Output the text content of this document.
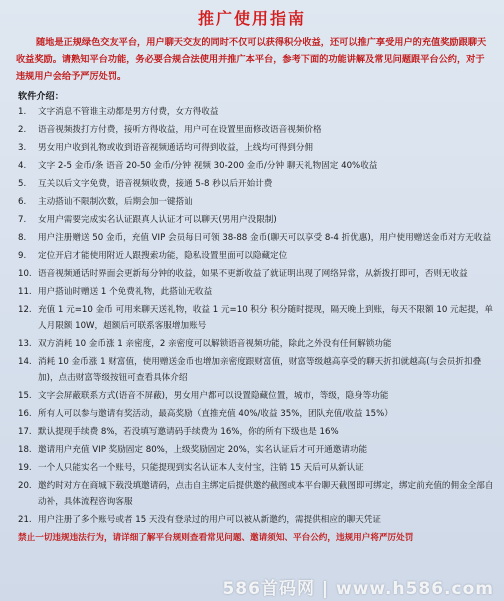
推广使用指南
随地是正规绿色交友平台，用户聊天交友的同时不仅可以获得积分收益，还可以推广享受用户的充值奖励跟聊天收益奖励。请熟知平台功能，务必要合规合法使用并推广本平台，参考下面的功能讲解及常见问题跟平台公约，对于违规用户会给予严厉处罚。
软件介绍：
1.	文字消息不管谁主动都是男方付费，女方得收益
2.	语音视频拨打方付费，接听方得收益，用户可在设置里面修改语音视频价格
3.	男女用户收到礼物或收到语音视频通话均可得到收益，上线均可得到分佣
4.	文字 2-5 金币/条 语音 20-50 金币/分钟 视频 30-200 金币/分钟 聊天礼物固定 40%收益
5.	互关以后文字免费，语音视频收费，接通 5-8 秒以后开始计费
6.	主动搭讪不限制次数，后期会加一键搭讪
7.	女用户需要完成实名认证跟真人认证才可以聊天(男用户没限制)
8.	用户注册赠送 50 金币，充值 VIP 会员每日可领 38-88 金币(聊天可以享受 8-4 折优惠)，用户使用赠送金币对方无收益
9.	定位开启才能使用附近人跟搜索功能，隐私设置里面可以隐藏定位
10. 语音视频通话时界面会更新每分钟的收益，如果不更新收益了就证明出现了网络异常，从新拨打即可，否则无收益
11. 用户搭讪时赠送 1 个免费礼物，此搭讪无收益
12. 充值 1 元=10 金币 可用来聊天送礼物，收益 1 元=10 积分 积分随时提现，隔天晚上到账，每天不限额 10 元起提，单人月限额 10W，超额后可联系客服增加账号
13. 双方消耗 10 金币涨 1 亲密度，2 亲密度可以解锁语音视频功能，除此之外没有任何解锁功能
14. 消耗 10 金币涨 1 财富值，使用赠送金币也增加亲密度跟财富值，财富等级越高享受的聊天折扣就越高(与会员折扣叠加)，点击财富等级按钮可查看具体介绍
15. 文字会屏蔽联系方式(语音不屏蔽)，男女用户都可以设置隐藏位置，城市，等级，隐身等功能
16. 所有人可以参与邀请有奖活动，最高奖励（直推充值 40%/收益 35%，团队充值/收益 15%）
17. 默认提现手续费 8%，若没填写邀请码手续费为 16%，你的所有下级也是 16%
18. 邀请用户充值 VIP 奖励固定 80%，上级奖励固定 20%，实名认证后才可开通邀请功能
19. 一个人只能实名一个账号，只能提现到实名认证本人支付宝，注销 15 天后可从新认证
20. 邀约时对方在商城下载没填邀请码，点击自主绑定后提供邀约截图或本平台聊天截图即可绑定，绑定前充值的佣金全部自动补，具体流程咨询客服
21. 用户注册了多个账号或者 15 天没有登录过的用户可以被从新邀约，需提供相应的聊天凭证
禁止一切违规违法行为，请详细了解平台规则查看常见问题、邀请须知、平台公约，违规用户将严厉处罚
586首码网 | www.h586.com
